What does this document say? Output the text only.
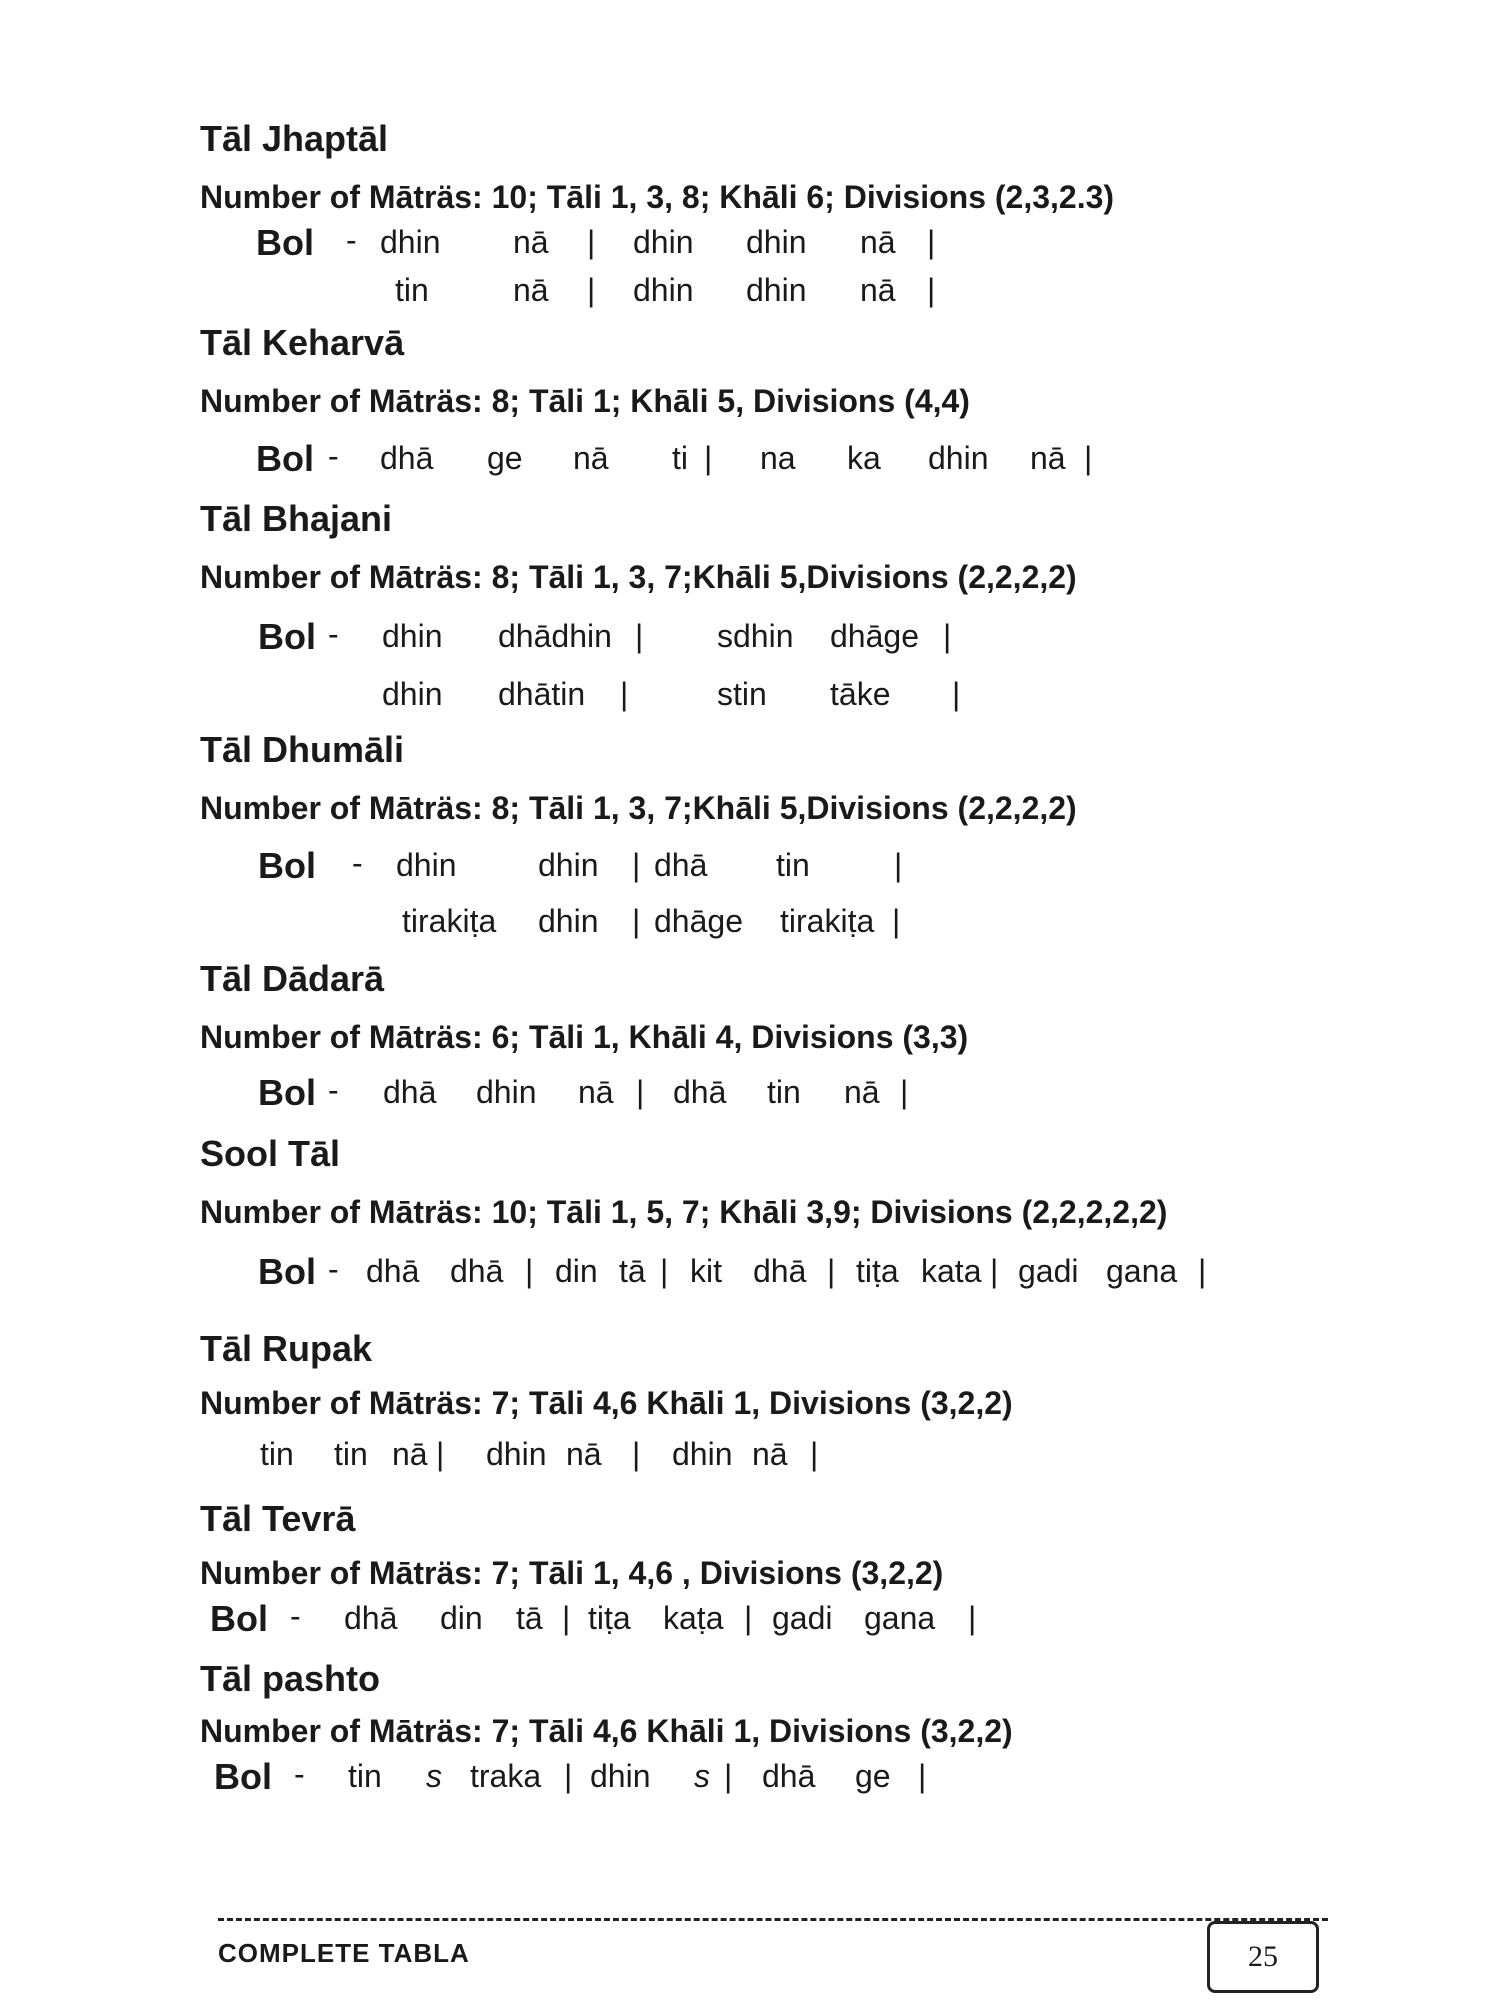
Tāl Jhaptāl
Number of Māträs: 10; Tāli 1, 3, 8; Khāli 6; Divisions (2,3,2.3)
Bol - dhin nā | dhin dhin nā |
tin	nā | dhin dhin nā |
Tāl Keharvā
Number of Māträs: 8; Tāli 1; Khāli 5, Divisions (4,4)
Bol - dhā ge nā ti | na ka dhin nā |
Tāl Bhajani
Number of Māträs: 8; Tāli 1, 3, 7;Khāli 5,Divisions (2,2,2,2)
Bol - dhin dhādhin | sdhin dhāge |
dhin dhātin |	stin tāke |
Tāl Dhumāli
Number of Māträs: 8; Tāli 1, 3, 7;Khāli 5,Divisions (2,2,2,2)
Bol - dhin	dhin | dhā tin	|
tirakiṭa dhin | dhāge tirakiṭa |
Tāl Dādarā
Number of Māträs: 6; Tāli 1, Khāli 4, Divisions (3,3)
Bol - dhā dhin nā | dhā tin nā |
Sool Tāl
Number of Māträs: 10; Tāli 1, 5, 7; Khāli 3,9; Divisions (2,2,2,2,2)
Bol - dhā dhā | din tā | kit dhā | tiṭa kata | gadi gana |
Tāl Rupak
Number of Māträs: 7; Tāli 4,6 Khāli 1, Divisions (3,2,2)
tin tin nā | dhin nā | dhin nā |
Tāl Tevrā
Number of Māträs: 7; Tāli 1, 4,6 , Divisions (3,2,2)
Bol - dhā din tā | tiṭa kaṭa | gadi gana |
Tāl pashto
Number of Māträs: 7; Tāli 4,6 Khāli 1, Divisions (3,2,2)
Bol - tin s traka | dhin s | dhā ge |
COMPLETE TABLA	25
